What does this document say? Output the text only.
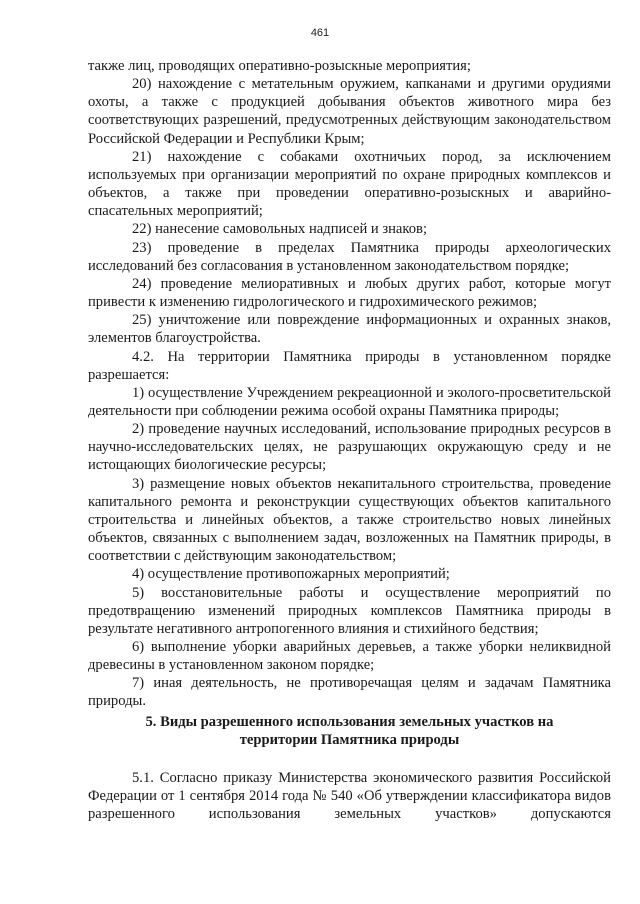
461

также лиц, проводящих оперативно-розыскные мероприятия;

20) нахождение с метательным оружием, капканами и другими орудиями охоты, а также с продукцией добывания объектов животного мира без соответствующих разрешений, предусмотренных действующим законодательством Российской Федерации и Республики Крым;

21) нахождение с собаками охотничьих пород, за исключением используемых при организации мероприятий по охране природных комплексов и объектов, а также при проведении оперативно-розыскных и аварийно-спасательных мероприятий;

22) нанесение самовольных надписей и знаков;

23) проведение в пределах Памятника природы археологических исследований без согласования в установленном законодательством порядке;

24) проведение мелиоративных и любых других работ, которые могут привести к изменению гидрологического и гидрохимического режимов;

25) уничтожение или повреждение информационных и охранных знаков, элементов благоустройства.

4.2. На территории Памятника природы в установленном порядке разрешается:

1) осуществление Учреждением рекреационной и эколого-просветительской деятельности при соблюдении режима особой охраны Памятника природы;

2) проведение научных исследований, использование природных ресурсов в научно-исследовательских целях, не разрушающих окружающую среду и не истощающих биологические ресурсы;

3) размещение новых объектов некапитального строительства, проведение капитального ремонта и реконструкции существующих объектов капитального строительства и линейных объектов, а также строительство новых линейных объектов, связанных с выполнением задач, возложенных на Памятник природы, в соответствии с действующим законодательством;

4) осуществление противопожарных мероприятий;

5) восстановительные работы и осуществление мероприятий по предотвращению изменений природных комплексов Памятника природы в результате негативного антропогенного влияния и стихийного бедствия;

6) выполнение уборки аварийных деревьев, а также уборки неликвидной древесины в установленном законом порядке;

7) иная деятельность, не противоречащая целям и задачам Памятника природы.

5. Виды разрешенного использования земельных участков на
территории Памятника природы

5.1. Согласно приказу Министерства экономического развития Российской Федерации от 1 сентября 2014 года № 540 «Об утверждении классификатора видов разрешенного использования земельных участков» допускаются
